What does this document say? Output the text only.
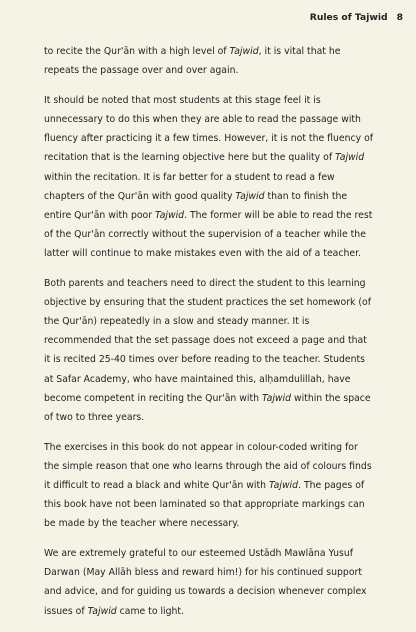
Rules of Tajwid 8

to recite the Qur'ān with a high level of Tajwid, it is vital that he repeats the passage over and over again.

It should be noted that most students at this stage feel it is unnecessary to do this when they are able to read the passage with fluency after practicing it a few times. However, it is not the fluency of recitation that is the learning objective here but the quality of Tajwid within the recitation. It is far better for a student to read a few chapters of the Qur'ān with good quality Tajwid than to finish the entire Qur'ān with poor Tajwid. The former will be able to read the rest of the Qur'ān correctly without the supervision of a teacher while the latter will continue to make mistakes even with the aid of a teacher.

Both parents and teachers need to direct the student to this learning objective by ensuring that the student practices the set homework (of the Qur'ān) repeatedly in a slow and steady manner. It is recommended that the set passage does not exceed a page and that it is recited 25-40 times over before reading to the teacher. Students at Safar Academy, who have maintained this, alḥamdulillah, have become competent in reciting the Qur'ān with Tajwid within the space of two to three years.

The exercises in this book do not appear in colour-coded writing for the simple reason that one who learns through the aid of colours finds it difficult to read a black and white Qur'ān with Tajwid. The pages of this book have not been laminated so that appropriate markings can be made by the teacher where necessary.

We are extremely grateful to our esteemed Ustādh Mawlāna Yusuf Darwan (May Allāh bless and reward him!) for his continued support and advice, and for guiding us towards a decision whenever complex issues of Tajwid came to light.
